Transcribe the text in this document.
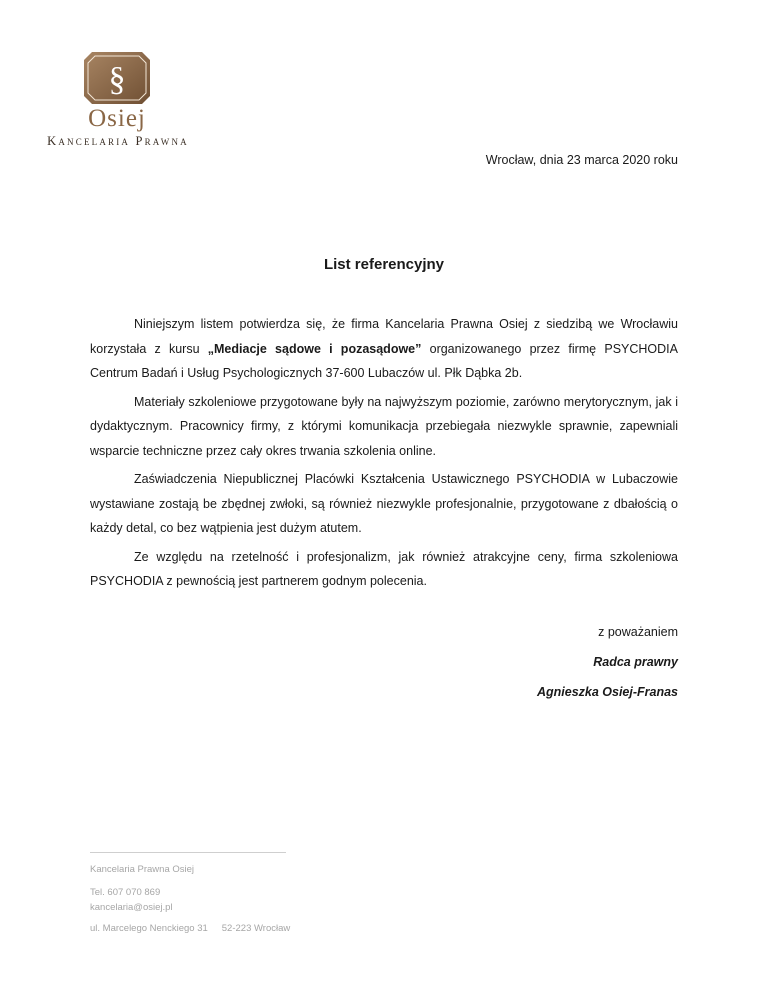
§
Osiej
Kancelaria Prawna
Wrocław, dnia 23 marca 2020 roku
List referencyjny

Niniejszym listem potwierdza się, że firma Kancelaria Prawna Osiej z siedzibą we Wrocławiu korzystała z kursu „Mediacje sądowe i pozasądowe” organizowanego przez firmę PSYCHODIA Centrum Badań i Usług Psychologicznych 37-600 Lubaczów ul. Płk Dąbka 2b.

Materiały szkoleniowe przygotowane były na najwyższym poziomie, zarówno merytorycznym, jak i dydaktycznym. Pracownicy firmy, z którymi komunikacja przebiegała niezwykle sprawnie, zapewniali wsparcie techniczne przez cały okres trwania szkolenia online.

Zaświadczenia Niepublicznej Placówki Kształcenia Ustawicznego PSYCHODIA w Lubaczowie wystawiane zostają be zbędnej zwłoki, są również niezwykle profesjonalnie, przygotowane z dbałością o każdy detal, co bez wątpienia jest dużym atutem.

Ze względu na rzetelność i profesjonalizm, jak również atrakcyjne ceny, firma szkoleniowa PSYCHODIA z pewnością jest partnerem godnym polecenia.

z poważaniem
Radca prawny
Agnieszka Osiej-Franas
Kancelaria Prawna Osiej
Tel. 607 070 869
kancelaria@osiej.pl
ul. Marcelego Nenckiego 31 52-223 Wrocław
